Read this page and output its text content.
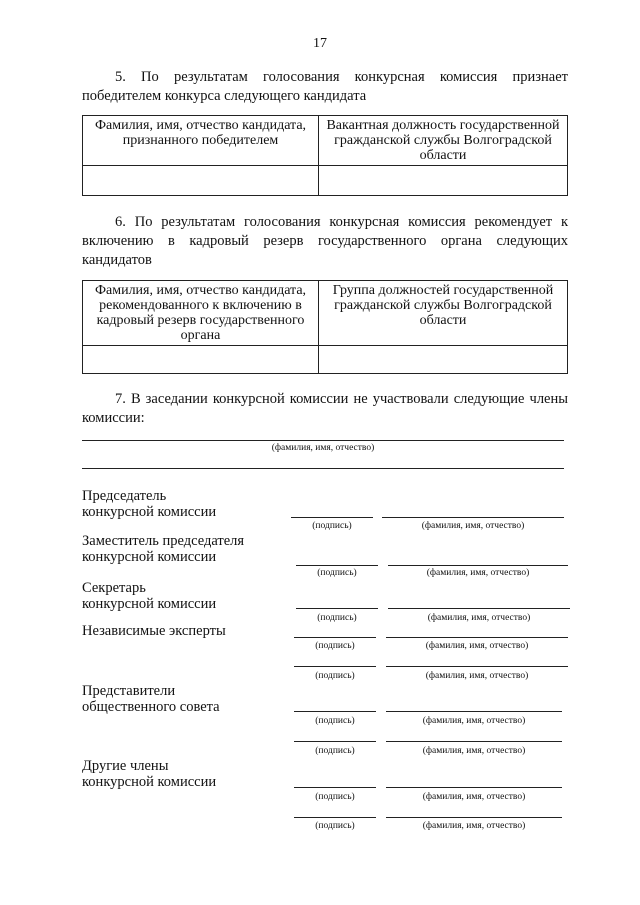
17
5. По результатам голосования конкурсная комиссия признает победителем конкурса следующего кандидата
Фамилия, имя, отчество кандидата, признанного победителем	Вакантная должность государственной гражданской службы Волгоградской области

6. По результатам голосования конкурсная комиссия рекомендует к включению в кадровый резерв государственного органа следующих кандидатов
Фамилия, имя, отчество кандидата, рекомендованного к включению в кадровый резерв государственного органа	Группа должностей государственной гражданской службы Волгоградской области

7. В заседании конкурсной комиссии не участвовали следующие члены комиссии:
(фамилия, имя, отчество)
Председатель
конкурсной комиссии
(подпись)	(фамилия, имя, отчество)
Заместитель председателя
конкурсной комиссии
(подпись)	(фамилия, имя, отчество)
Секретарь
конкурсной комиссии
(подпись)	(фамилия, имя, отчество)
Независимые эксперты
(подпись)	(фамилия, имя, отчество)
(подпись)	(фамилия, имя, отчество)
Представители
общественного совета
(подпись)	(фамилия, имя, отчество)
(подпись)	(фамилия, имя, отчество)
Другие члены
конкурсной комиссии
(подпись)	(фамилия, имя, отчество)
(подпись)	(фамилия, имя, отчество)
